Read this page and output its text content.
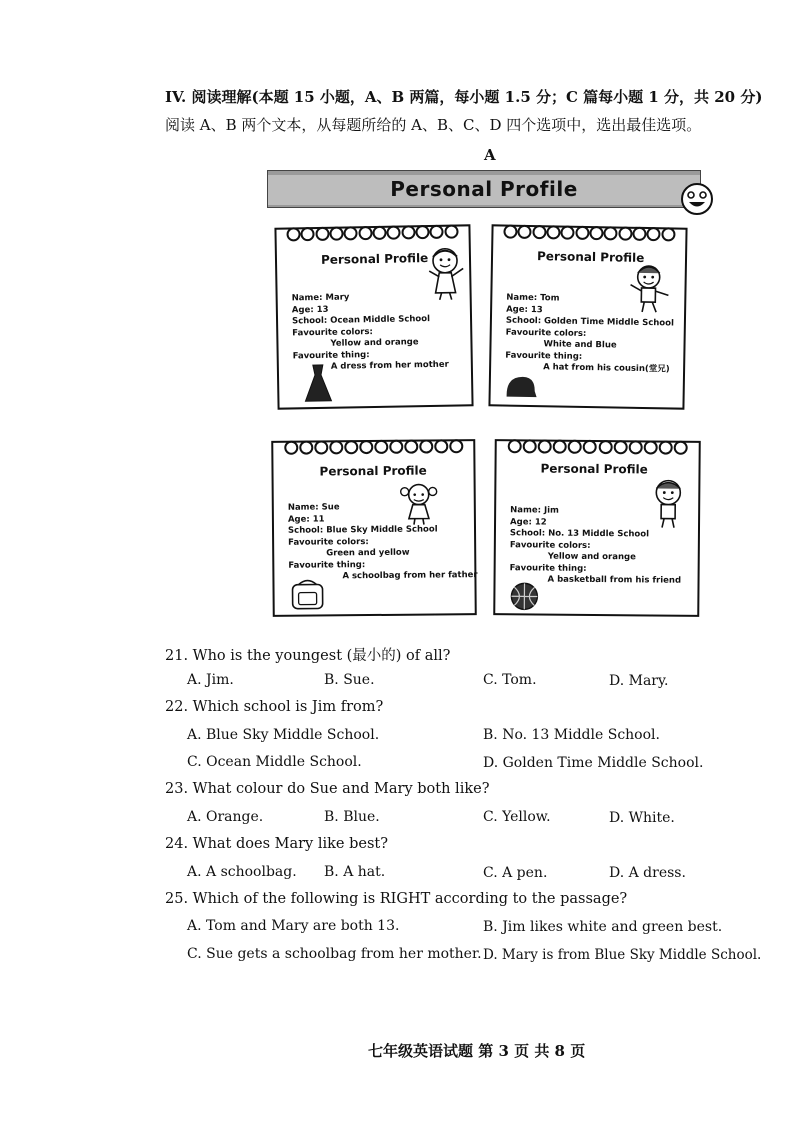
IV. 阅读理解(本题 15 小题，A、B 两篇，每小题 1.5 分；C 篇每小题 1 分，共 20 分)
阅读 A、B 两个文本，从每题所给的 A、B、C、D 四个选项中，选出最佳选项。
A
Personal Profile
Personal Profile
Name: Mary
Age: 13
School: Ocean Middle School
Favourite colors:
Yellow and orange
Favourite thing:
A dress from her mother
Personal Profile
Name: Tom
Age: 13
School: Golden Time Middle School
Favourite colors:
White and Blue
Favourite thing:
A hat from his cousin(堂兄)
Personal Profile
Name: Sue
Age: 11
School: Blue Sky Middle School
Favourite colors:
Green and yellow
Favourite thing:
A schoolbag from her father
Personal Profile
Name: Jim
Age: 12
School: No. 13 Middle School
Favourite colors:
Yellow and orange
Favourite thing:
A basketball from his friend
21. Who is the youngest (最小的) of all?
A. Jim.	B. Sue.	C. Tom.	D. Mary.
22. Which school is Jim from?
A. Blue Sky Middle School.	B. No. 13 Middle School.
C. Ocean Middle School.	D. Golden Time Middle School.
23. What colour do Sue and Mary both like?
A. Orange.	B. Blue.	C. Yellow.	D. White.
24. What does Mary like best?
A. A schoolbag. B. A hat.	C. A pen.	D. A dress.
25. Which of the following is RIGHT according to the passage?
A. Tom and Mary are both 13.	B. Jim likes white and green best.
C. Sue gets a schoolbag from her mother. D. Mary is from Blue Sky Middle School.
七年级英语试题 第 3 页 共 8 页
